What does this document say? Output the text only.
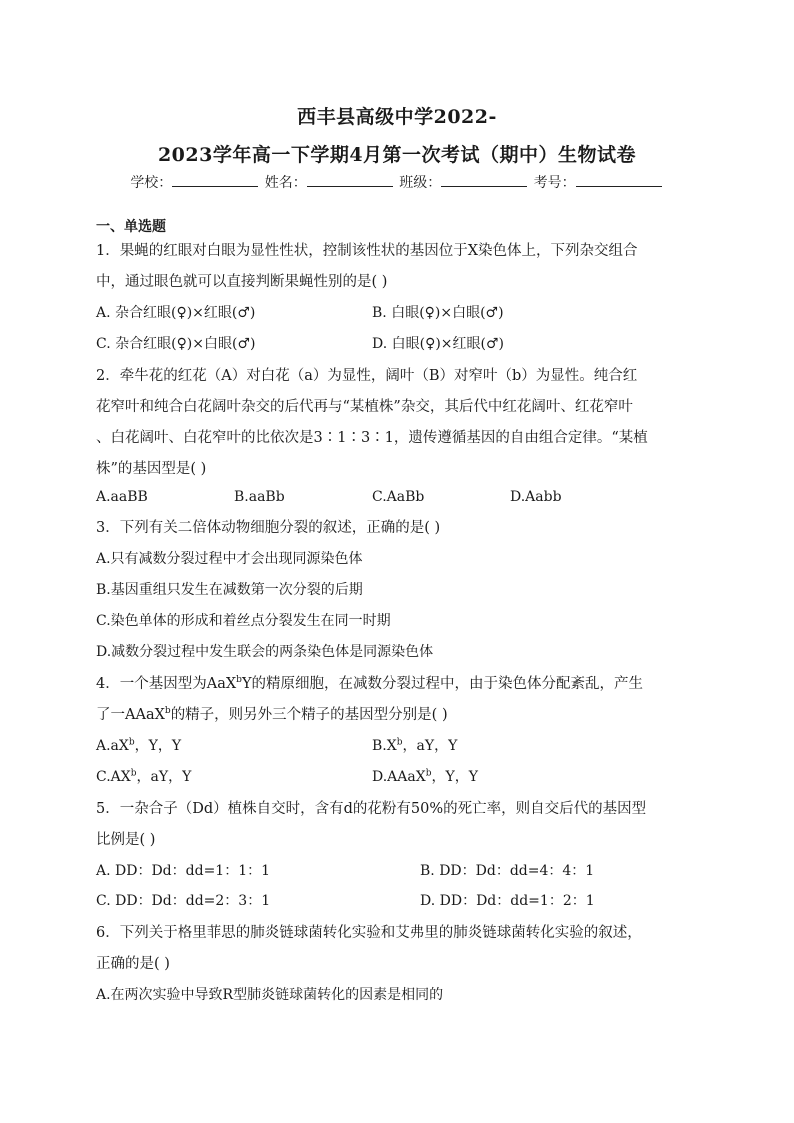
西丰县高级中学2022-
2023学年高一下学期4月第一次考试（期中）生物试卷
学校：	姓名：	班级：	考号：
一、单选题
1．果蝇的红眼对白眼为显性性状，控制该性状的基因位于X染色体上，下列杂交组合
中，通过眼色就可以直接判断果蝇性别的是( )
A. 杂合红眼(♀)×红眼(♂)	B. 白眼(♀)×白眼(♂)
C. 杂合红眼(♀)×白眼(♂)	D. 白眼(♀)×红眼(♂)
2．牵牛花的红花（A）对白花（a）为显性，阔叶（B）对窄叶（b）为显性。纯合红
花窄叶和纯合白花阔叶杂交的后代再与“某植株”杂交，其后代中红花阔叶、红花窄叶
、白花阔叶、白花窄叶的比依次是3∶1∶3∶1，遗传遵循基因的自由组合定律。“某植
株”的基因型是( )
A.aaBB	B.aaBb	C.AaBb	D.Aabb
3．下列有关二倍体动物细胞分裂的叙述，正确的是( )
A.只有减数分裂过程中才会出现同源染色体
B.基因重组只发生在减数第一次分裂的后期
C.染色单体的形成和着丝点分裂发生在同一时期
D.减数分裂过程中发生联会的两条染色体是同源染色体
4．一个基因型为AaX$^b$Y的精原细胞，在减数分裂过程中，由于染色体分配紊乱，产生
了一AAaX$^b$的精子，则另外三个精子的基因型分别是( )
$A.aX^b$，Y，Y	$B.X^b$，aY，Y
$C.AX^b$，aY，Y	D.AAaX$^b$，Y，Y
5．一杂合子（Dd）植株自交时，含有d的花粉有50%的死亡率，则自交后代的基因型
比例是( )
A. DD：Dd：dd=1：1：1	B. DD：Dd：dd=4：4：1
C. DD：Dd：dd=2：3：1	D. DD：Dd：dd=1：2：1
6．下列关于格里菲思的肺炎链球菌转化实验和艾弗里的肺炎链球菌转化实验的叙述，
正确的是( )
A.在两次实验中导致R型肺炎链球菌转化的因素是相同的
